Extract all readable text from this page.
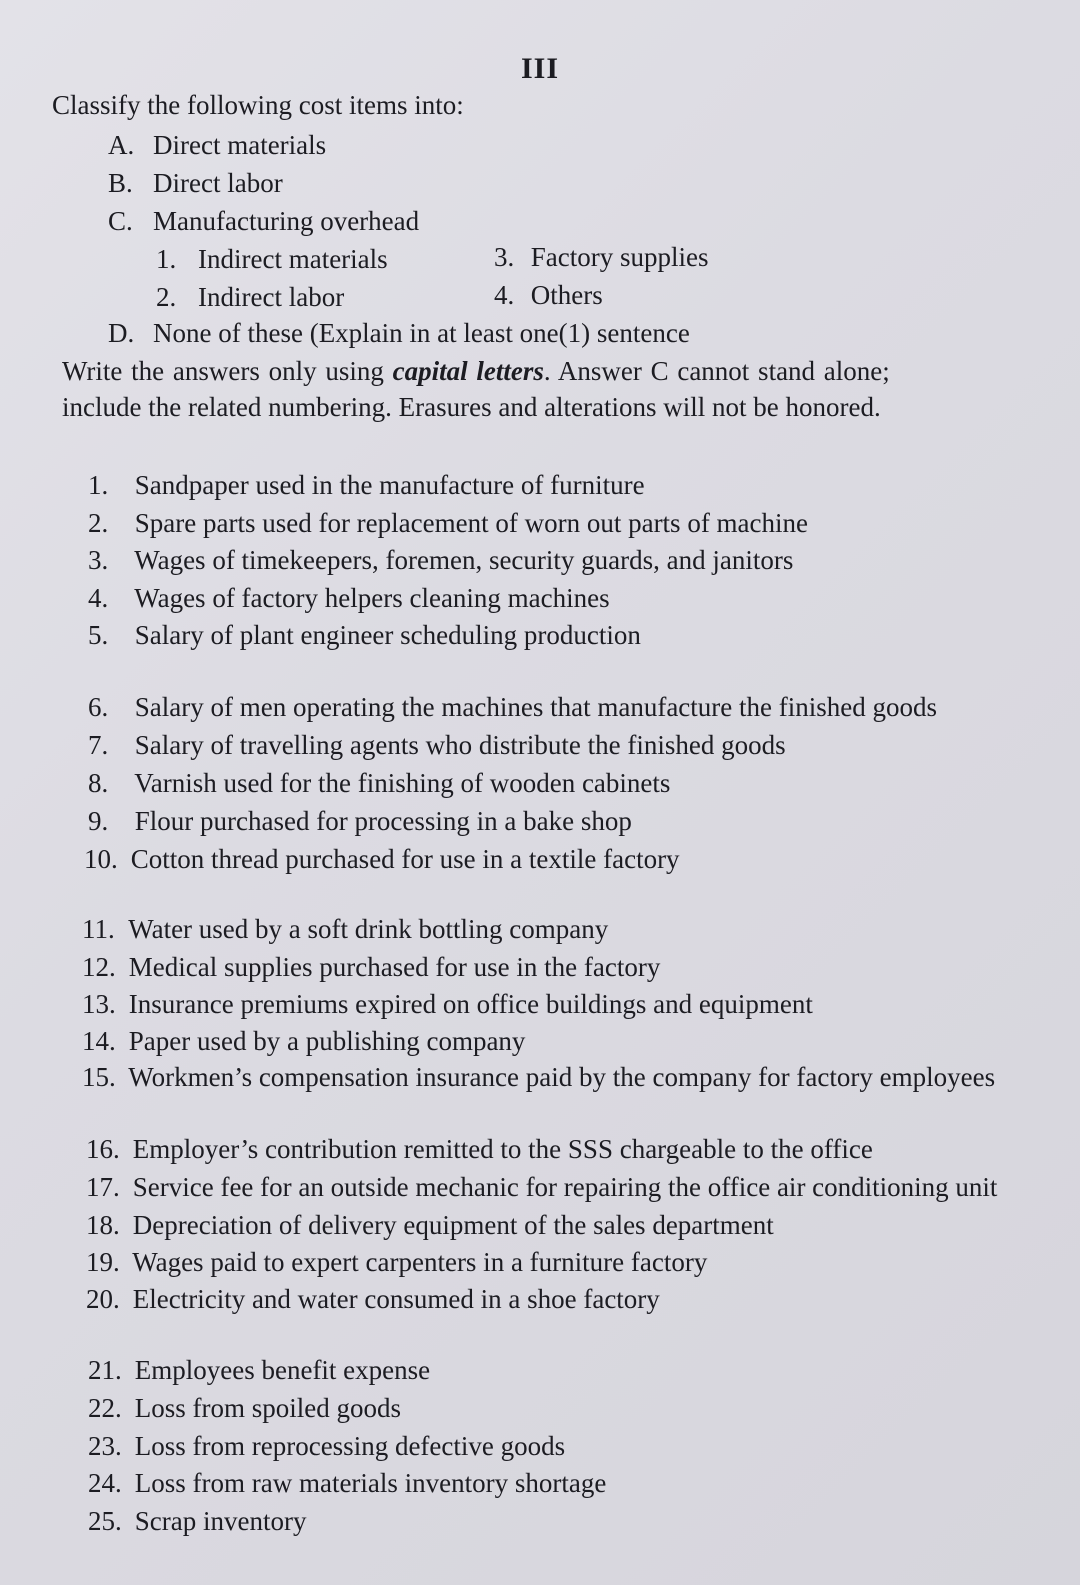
III
Classify the following cost items into:
A. Direct materials
B. Direct labor
C. Manufacturing overhead
1. Indirect materials
2. Indirect labor
3. Factory supplies
4. Others
D. None of these (Explain in at least one(1) sentence
Write the answers only using capital letters. Answer C cannot stand alone;
include the related numbering. Erasures and alterations will not be honored.
1. Sandpaper used in the manufacture of furniture
2. Spare parts used for replacement of worn out parts of machine
3. Wages of timekeepers, foremen, security guards, and janitors
4. Wages of factory helpers cleaning machines
5. Salary of plant engineer scheduling production
6. Salary of men operating the machines that manufacture the finished goods
7. Salary of travelling agents who distribute the finished goods
8. Varnish used for the finishing of wooden cabinets
9. Flour purchased for processing in a bake shop
10. Cotton thread purchased for use in a textile factory
11. Water used by a soft drink bottling company
12. Medical supplies purchased for use in the factory
13. Insurance premiums expired on office buildings and equipment
14. Paper used by a publishing company
15. Workmen’s compensation insurance paid by the company for factory employees
16. Employer’s contribution remitted to the SSS chargeable to the office
17. Service fee for an outside mechanic for repairing the office air conditioning unit
18. Depreciation of delivery equipment of the sales department
19. Wages paid to expert carpenters in a furniture factory
20. Electricity and water consumed in a shoe factory
21. Employees benefit expense
22. Loss from spoiled goods
23. Loss from reprocessing defective goods
24. Loss from raw materials inventory shortage
25. Scrap inventory
